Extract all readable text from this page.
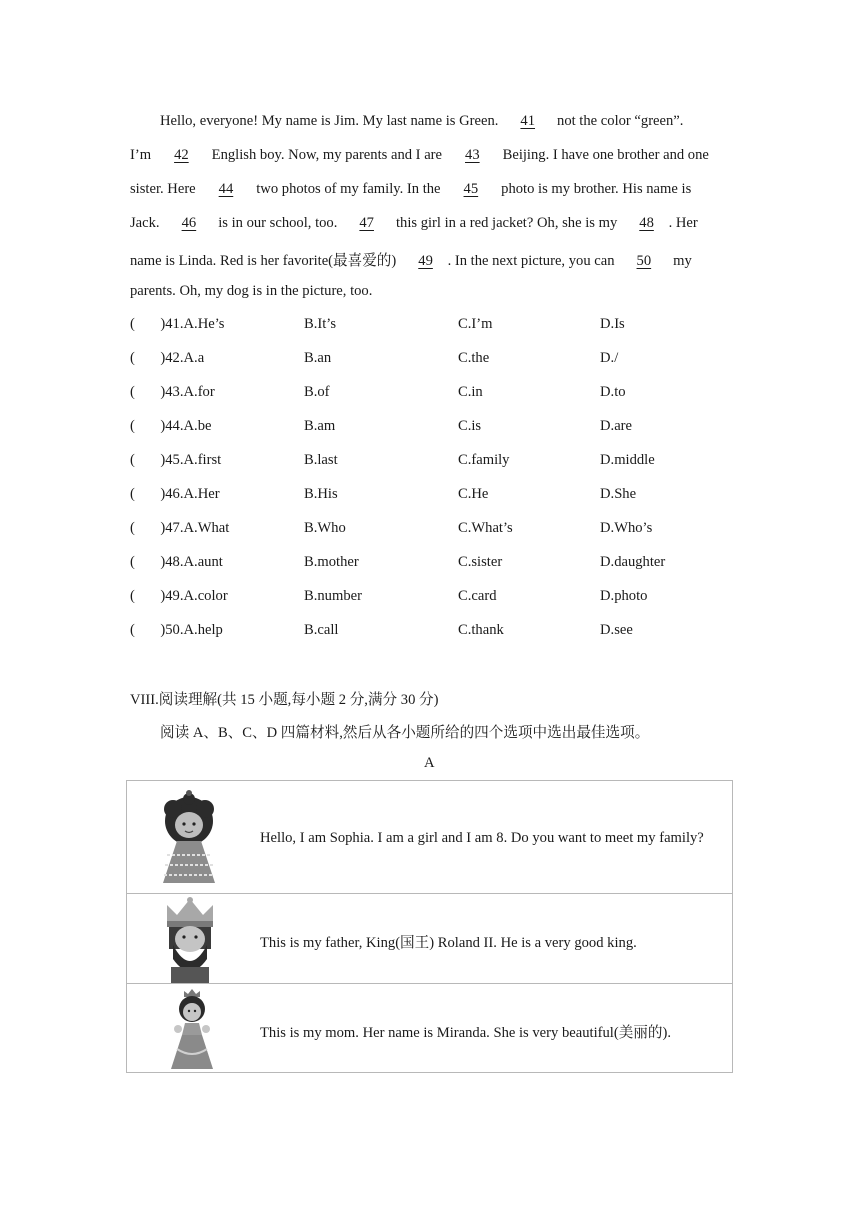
Hello, everyone! My name is Jim. My last name is Green. 41 not the color “green”.
I’m 42 English boy. Now, my parents and I are 43 Beijing. I have one brother and one
sister. Here 44 two photos of my family. In the 45 photo is my brother. His name is
Jack. 46 is in our school, too. 47 this girl in a red jacket? Oh, she is my 48 . Her
name is Linda. Red is her favorite(最喜爱的) 49 . In the next picture, you can 50 my
parents. Oh, my dog is in the picture, too.
(       )41.A.He’s	B.It’s	C.I’m	D.Is
(       )42.A.a	B.an	C.the	D./
(       )43.A.for	B.of	C.in	D.to
(       )44.A.be	B.am	C.is	D.are
(       )45.A.first	B.last	C.family	D.middle
(       )46.A.Her	B.His	C.He	D.She
(       )47.A.What	B.Who	C.What’s	D.Who’s
(       )48.A.aunt	B.mother	C.sister	D.daughter
(       )49.A.color	B.number	C.card	D.photo
(       )50.A.help	B.call	C.thank	D.see
VIII.阅读理解(共 15 小题,每小题 2 分,满分 30 分)
阅读 A、B、C、D 四篇材料,然后从各小题所给的四个选项中选出最佳选项。
A
Hello, I am Sophia. I am a girl and I am 8. Do you want to meet my family?
This is my father, King(国王) Roland II. He is a very good king.
This is my mom. Her name is Miranda. She is very beautiful(美丽的).
